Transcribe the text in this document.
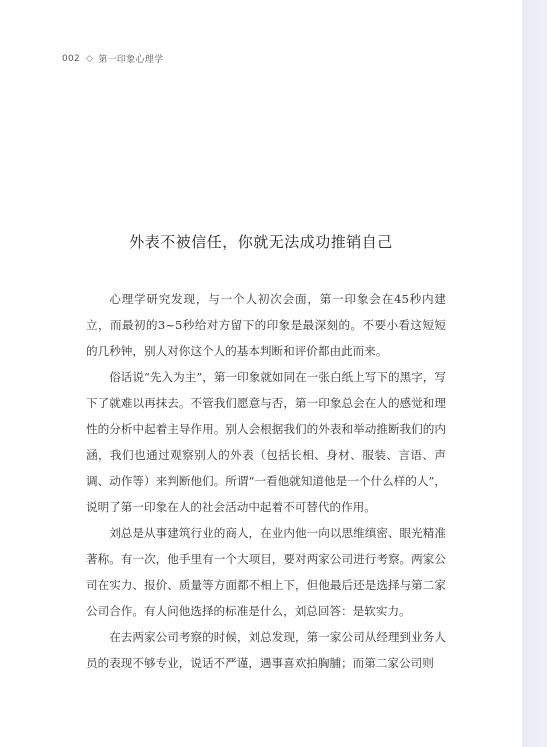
002 ◇ 第一印象心理学
外表不被信任，你就无法成功推销自己

心理学研究发现，与一个人初次会面，第一印象会在45秒内建立，而最初的3~5秒给对方留下的印象是最深刻的。不要小看这短短的几秒钟，别人对你这个人的基本判断和评价都由此而来。

俗话说“先入为主”，第一印象就如同在一张白纸上写下的黑字，写下了就难以再抹去。不管我们愿意与否，第一印象总会在人的感觉和理性的分析中起着主导作用。别人会根据我们的外表和举动推断我们的内涵，我们也通过观察别人的外表（包括长相、身材、服装、言语、声调、动作等）来判断他们。所谓“一看他就知道他是一个什么样的人”，说明了第一印象在人的社会活动中起着不可替代的作用。

刘总是从事建筑行业的商人，在业内他一向以思维缜密、眼光精准著称。有一次，他手里有一个大项目，要对两家公司进行考察。两家公司在实力、报价、质量等方面都不相上下，但他最后还是选择与第二家公司合作。有人问他选择的标准是什么，刘总回答：是软实力。

在去两家公司考察的时候，刘总发现，第一家公司从经理到业务人员的表现不够专业，说话不严谨，遇事喜欢拍胸脯；而第二家公司则
